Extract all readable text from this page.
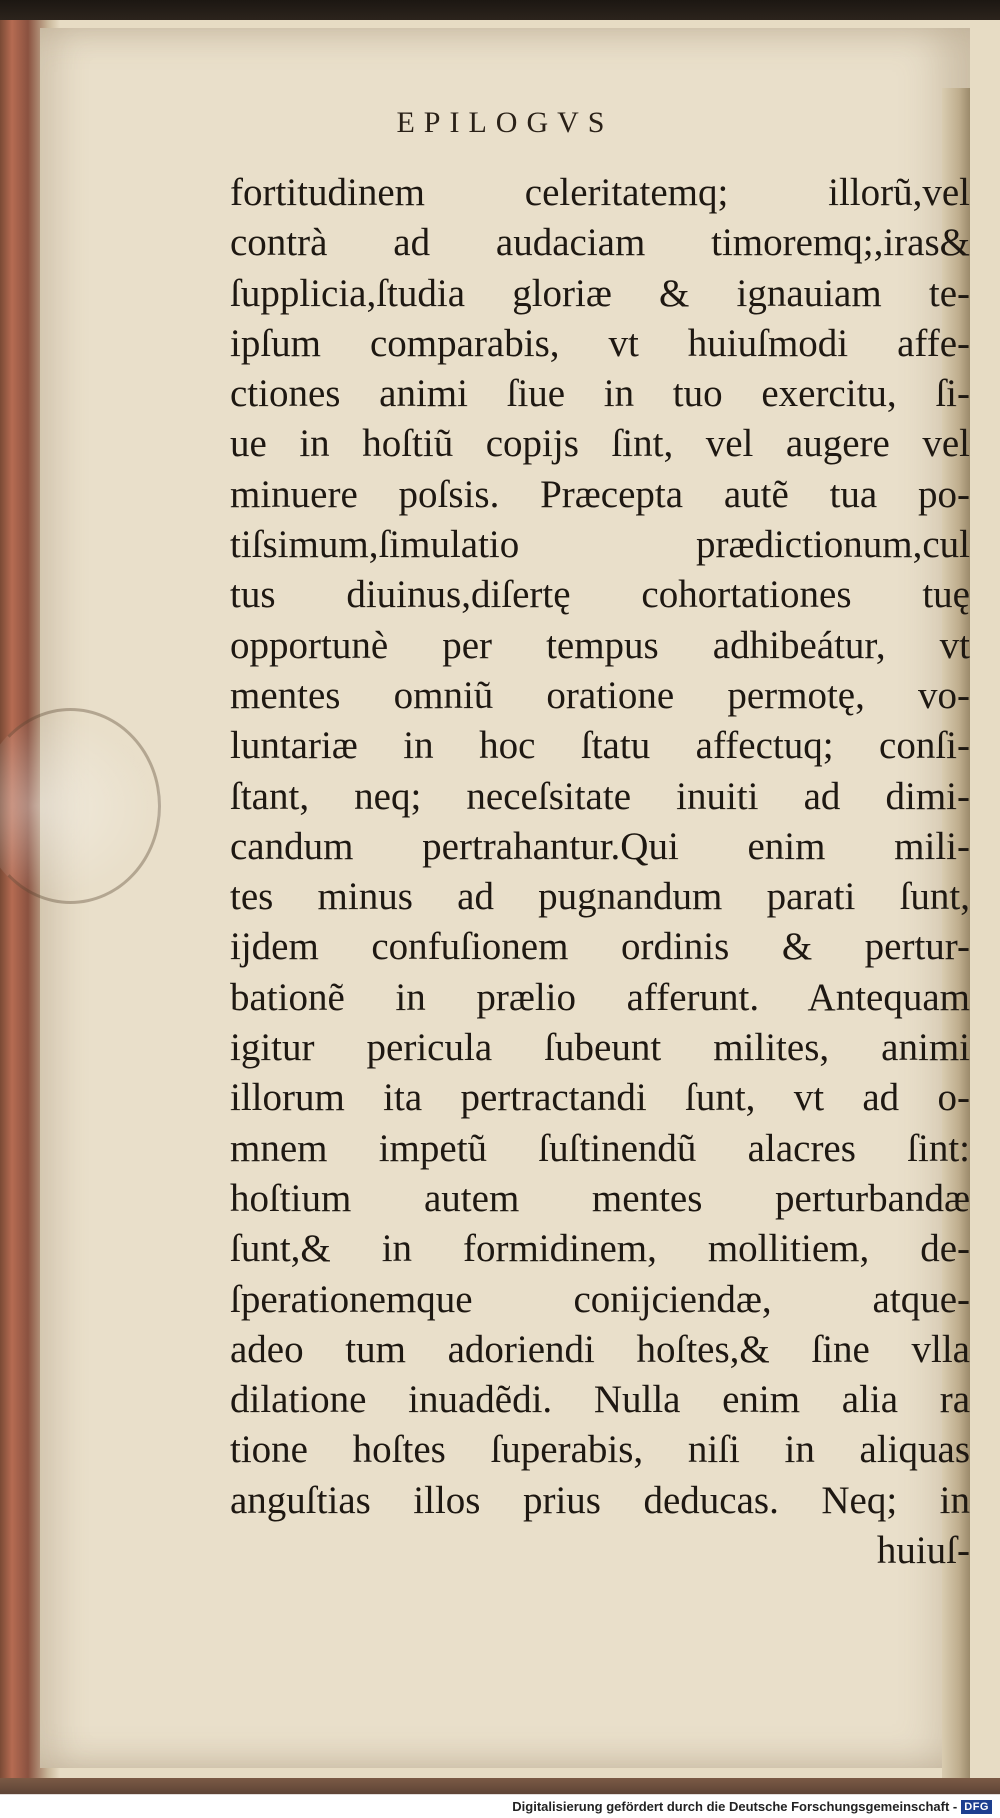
EPILOGVS
fortitudinem celeritatemq; illorũ,vel
contrà ad audaciam timoremq;,iras&
ſupplicia,ſtudia gloriæ & ignauiam te-
ipſum comparabis, vt huiuſmodi affe-
ctiones animi ſiue in tuo exercitu, ſi-
ue in hoſtiũ copijs ſint, vel augere vel
minuere poſsis. Præcepta autẽ tua po-
tiſsimum,ſimulatio prædictionum,cul
tus diuinus,diſertę cohortationes tuę
opportunè per tempus adhibeátur, vt
mentes omniũ oratione permotę, vo-
luntariæ in hoc ſtatu affectuq; conſi-
ſtant, neq; neceſsitate inuiti ad dimi-
candum pertrahantur.Qui enim mili-
tes minus ad pugnandum parati ſunt,
ijdem confuſionem ordinis & pertur-
bationẽ in prælio afferunt. Antequam
igitur pericula ſubeunt milites, animi
illorum ita pertractandi ſunt, vt ad o-
mnem impetũ ſuſtinendũ alacres ſint:
hoſtium autem mentes perturbandæ
ſunt,& in formidinem, mollitiem, de-
ſperationemque conijciendæ, atque-
adeo tum adoriendi hoſtes,& ſine vlla
dilatione inuadẽdi. Nulla enim alia ra
tione hoſtes ſuperabis, niſi in aliquas
anguſtias illos prius deducas. Neq; in
huiuſ-
Digitalisierung gefördert durch die Deutsche Forschungsgemeinschaft - DFG
